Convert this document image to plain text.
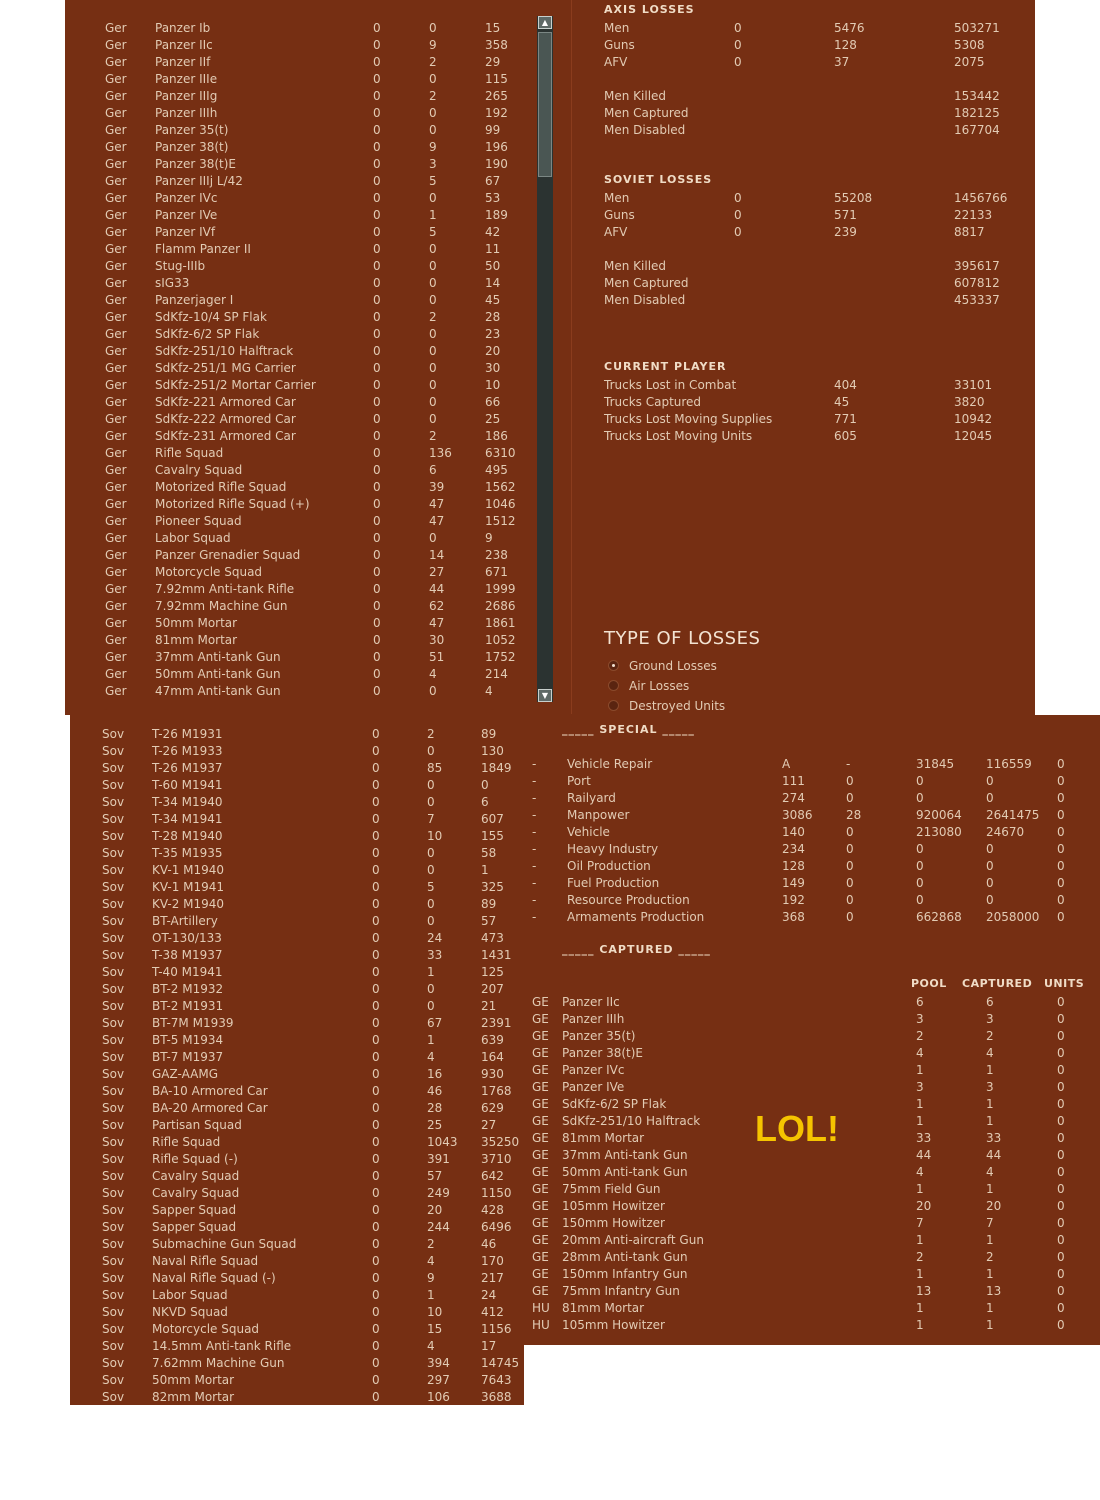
Ger Panzer Ib	0	0	15
Ger Panzer IIc	0	9	358
Ger Panzer IIf	0	2	29
Ger Panzer IIIe	0	0	115
Ger Panzer IIIg	0	2	265
Ger Panzer IIIh	0	0	192
Ger Panzer 35(t)	0	0	99
Ger Panzer 38(t)	0	9	196
Ger Panzer 38(t)E	0	3	190
Ger Panzer IIIj L/42	0	5	67
Ger Panzer IVc	0	0	53
Ger Panzer IVe	0	1	189
Ger Panzer IVf	0	5	42
Ger Flamm Panzer II	0	0	11
Ger Stug-IIIb	0	0	50
Ger sIG33	0	0	14
Ger Panzerjager I	0	0	45
Ger SdKfz-10/4 SP Flak	0	2	28
Ger SdKfz-6/2 SP Flak	0	0	23
Ger SdKfz-251/10 Halftrack	0	0	20
Ger SdKfz-251/1 MG Carrier	0	0	30
Ger SdKfz-251/2 Mortar Carrier	0	0	10
Ger SdKfz-221 Armored Car	0	0	66
Ger SdKfz-222 Armored Car	0	0	25
Ger SdKfz-231 Armored Car	0	2	186
Ger Rifle Squad	0	136	6310
Ger Cavalry Squad	0	6	495
Ger Motorized Rifle Squad	0	39	1562
Ger Motorized Rifle Squad (+)	0	47	1046
Ger Pioneer Squad	0	47	1512
Ger Labor Squad	0	0	9
Ger Panzer Grenadier Squad	0	14	238
Ger Motorcycle Squad	0	27	671
Ger 7.92mm Anti-tank Rifle	0	44	1999
Ger 7.92mm Machine Gun	0	62	2686
Ger 50mm Mortar	0	47	1861
Ger 81mm Mortar	0	30	1052
Ger 37mm Anti-tank Gun	0	51	1752
Ger 50mm Anti-tank Gun	0	4	214
Ger 47mm Anti-tank Gun	0	0	4
▲
▼
AXIS LOSSES
Men	0	5476	503271
Guns	0	128	5308
AFV	0	37	2075
Men Killed	153442
Men Captured	182125
Men Disabled	167704
SOVIET LOSSES
Men	0	55208	1456766
Guns	0	571	22133
AFV	0	239	8817
Men Killed	395617
Men Captured	607812
Men Disabled	453337
CURRENT PLAYER
Trucks Lost in Combat	404	33101
Trucks Captured	45	3820
Trucks Lost Moving Supplies	771	10942
Trucks Lost Moving Units	605	12045
TYPE OF LOSSES
Ground Losses
Air Losses
Destroyed Units
Sov T-26 M1931	0	2	89
Sov T-26 M1933	0	0	130
Sov T-26 M1937	0	85	1849
Sov T-60 M1941	0	0	0
Sov T-34 M1940	0	0	6
Sov T-34 M1941	0	7	607
Sov T-28 M1940	0	10	155
Sov T-35 M1935	0	0	58
Sov KV-1 M1940	0	0	1
Sov KV-1 M1941	0	5	325
Sov KV-2 M1940	0	0	89
Sov BT-Artillery	0	0	57
Sov OT-130/133	0	24	473
Sov T-38 M1937	0	33	1431
Sov T-40 M1941	0	1	125
Sov BT-2 M1932	0	0	207
Sov BT-2 M1931	0	0	21
Sov BT-7M M1939	0	67	2391
Sov BT-5 M1934	0	1	639
Sov BT-7 M1937	0	4	164
Sov GAZ-AAMG	0	16	930
Sov BA-10 Armored Car	0	46	1768
Sov BA-20 Armored Car	0	28	629
Sov Partisan Squad	0	25	27
Sov Rifle Squad	0	1043 35250
Sov Rifle Squad (-)	0	391	3710
Sov Cavalry Squad	0	57	642
Sov Cavalry Squad	0	249	1150
Sov Sapper Squad	0	20	428
Sov Sapper Squad	0	244	6496
Sov Submachine Gun Squad	0	2	46
Sov Naval Rifle Squad	0	4	170
Sov Naval Rifle Squad (-)	0	9	217
Sov Labor Squad	0	1	24
Sov NKVD Squad	0	10	412
Sov Motorcycle Squad	0	15	1156
Sov 14.5mm Anti-tank Rifle	0	4	17
Sov 7.62mm Machine Gun	0	394	14745
Sov 50mm Mortar	0	297	7643
Sov 82mm Mortar	0	106	3688
_____ SPECIAL _____
-	Vehicle Repair	A	-	31845	116559 0
-	Port	111	0	0	0	0
-	Railyard	274	0	0	0	0
-	Manpower	3086	28	920064 2641475 0
-	Vehicle	140	0	213080 24670	0
-	Heavy Industry	234	0	0	0	0
-	Oil Production	128	0	0	0	0
-	Fuel Production	149	0	0	0	0
-	Resource Production	192	0	0	0	0
-	Armaments Production	368	0	662868 2058000 0
_____ CAPTURED _____
POOL CAPTURED UNITS
GE Panzer IIc	6	6	0
GE Panzer IIIh	3	3	0
GE Panzer 35(t)	2	2	0
GE Panzer 38(t)E	4	4	0
GE Panzer IVc	1	1	0
GE Panzer IVe	3	3	0
GE SdKfz-6/2 SP Flak	1	1	0
GE SdKfz-251/10 Halftrack	1	1	0
GE 81mm Mortar	33	33	0
GE 37mm Anti-tank Gun	44	44	0
GE 50mm Anti-tank Gun	4	4	0
GE 75mm Field Gun	1	1	0
GE 105mm Howitzer	20	20	0
GE 150mm Howitzer	7	7	0
GE 20mm Anti-aircraft Gun	1	1	0
GE 28mm Anti-tank Gun	2	2	0
GE 150mm Infantry Gun	1	1	0
GE 75mm Infantry Gun	13	13	0
HU 81mm Mortar	1	1	0
HU 105mm Howitzer	1	1	0
LOL!
